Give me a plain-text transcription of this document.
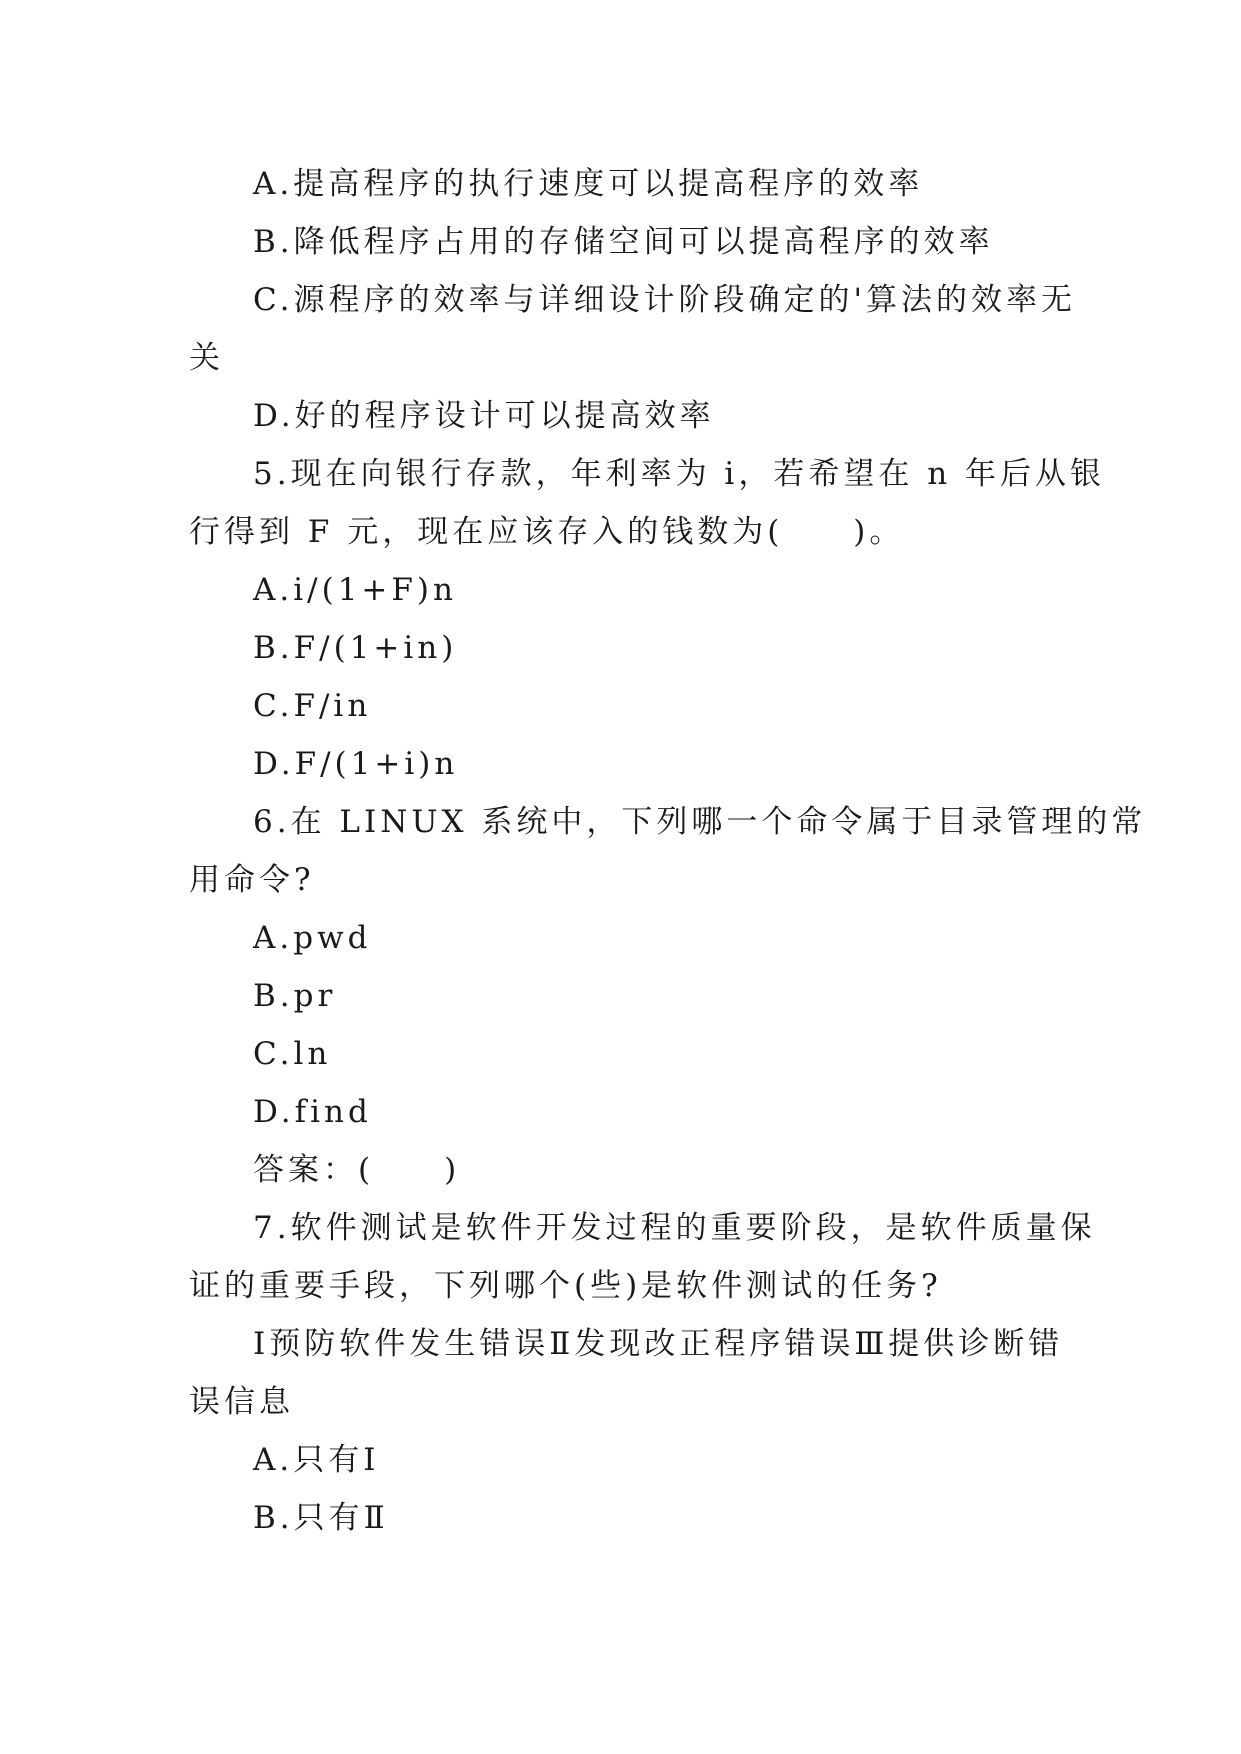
A.提高程序的执行速度可以提高程序的效率

B.降低程序占用的存储空间可以提高程序的效率

C.源程序的效率与详细设计阶段确定的'算法的效率无

关

D.好的程序设计可以提高效率

5.现在向银行存款，年利率为 i，若希望在 n 年后从银

行得到 F 元，现在应该存入的钱数为(　　)。

A.i/(1+F)n

B.F/(1+in)

C.F/in

D.F/(1+i)n

6.在 LINUX 系统中，下列哪一个命令属于目录管理的常

用命令?

A.pwd

B.pr

C.ln

D.find

答案：(　　)

7.软件测试是软件开发过程的重要阶段，是软件质量保

证的重要手段，下列哪个(些)是软件测试的任务?

Ⅰ预防软件发生错误Ⅱ发现改正程序错误Ⅲ提供诊断错

误信息

A.只有Ⅰ

B.只有Ⅱ
